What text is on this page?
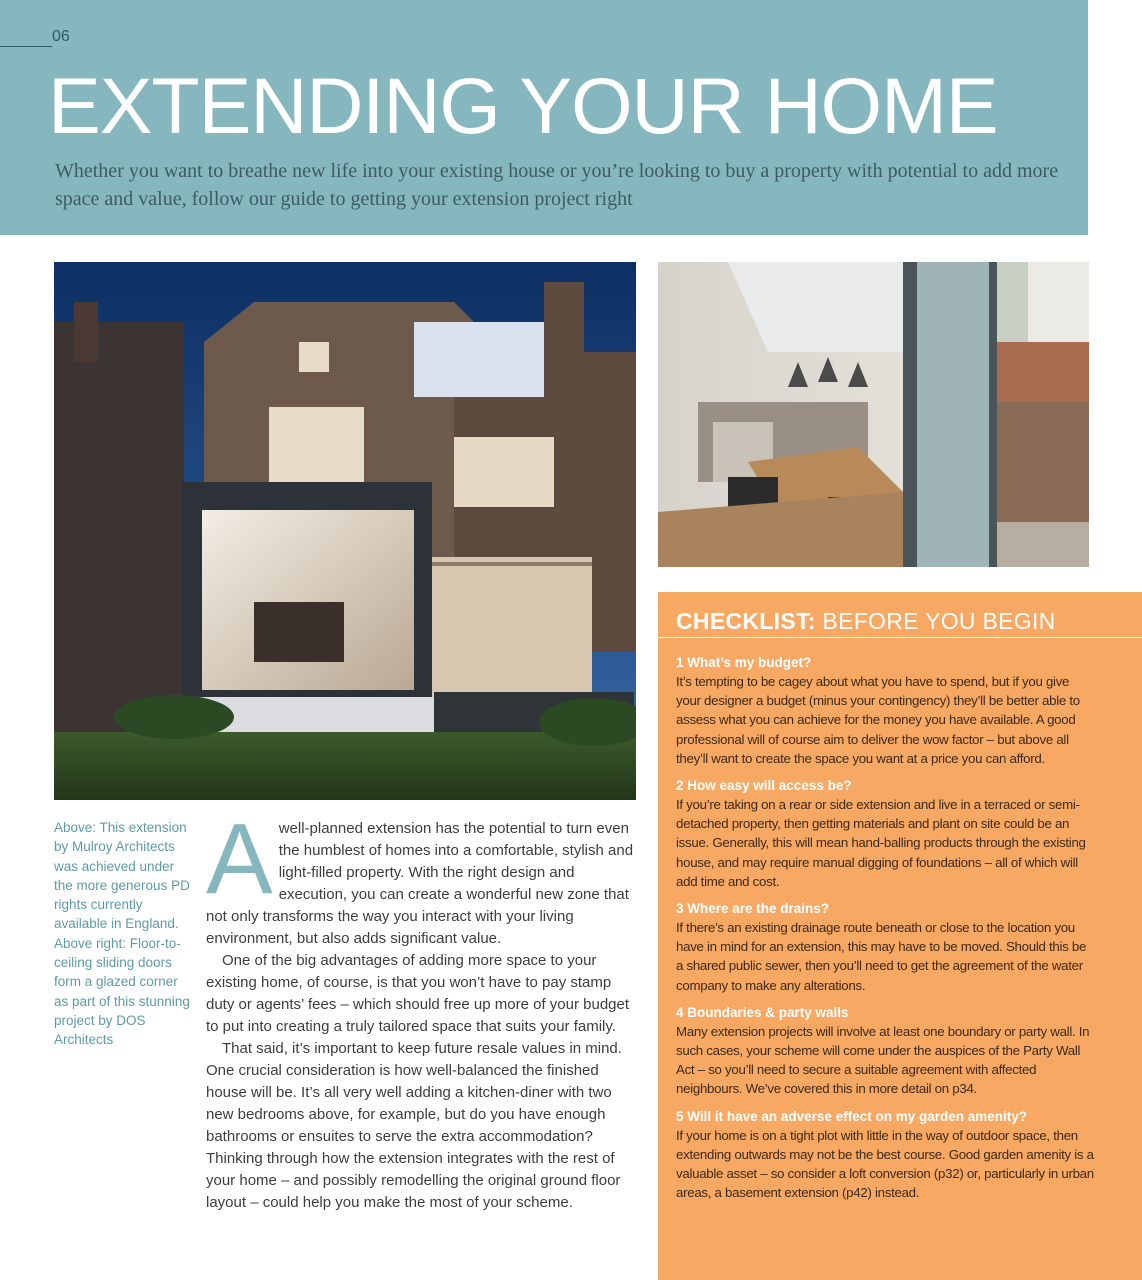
06
EXTENDING YOUR HOME

Whether you want to breathe new life into your existing house or you’re looking to buy a property with potential to add more space and value, follow our guide to getting your extension project right

Above: This extension by Mulroy Architects was achieved under the more generous PD rights currently available in England. Above right: Floor-to-ceiling sliding doors form a glazed corner as part of this stunning project by DOS Architects
A well-planned extension has the potential to turn even the humblest of homes into a comfortable, stylish and light-filled property. With the right design and execution, you can create a wonderful new zone that not only transforms the way you interact with your living environment, but also adds significant value.

One of the big advantages of adding more space to your existing home, of course, is that you won’t have to pay stamp duty or agents’ fees – which should free up more of your budget to put into creating a truly tailored space that suits your family.

That said, it’s important to keep future resale values in mind. One crucial consideration is how well-balanced the finished house will be. It’s all very well adding a kitchen-diner with two new bedrooms above, for example, but do you have enough bathrooms or ensuites to serve the extra accommodation? Thinking through how the extension integrates with the rest of your home – and possibly remodelling the original ground floor layout – could help you make the most of your scheme.

CHECKLIST: BEFORE YOU BEGIN
1 What’s my budget?
It’s tempting to be cagey about what you have to spend, but if you give your designer a budget (minus your contingency) they’ll be better able to assess what you can achieve for the money you have available. A good professional will of course aim to deliver the wow factor – but above all they’ll want to create the space you want at a price you can afford.
2 How easy will access be?
If you’re taking on a rear or side extension and live in a terraced or semi-detached property, then getting materials and plant on site could be an issue. Generally, this will mean hand-balling products through the existing house, and may require manual digging of foundations – all of which will add time and cost.
3 Where are the drains?
If there’s an existing drainage route beneath or close to the location you have in mind for an extension, this may have to be moved. Should this be a shared public sewer, then you’ll need to get the agreement of the water company to make any alterations.
4 Boundaries & party walls
Many extension projects will involve at least one boundary or party wall. In such cases, your scheme will come under the auspices of the Party Wall Act – so you’ll need to secure a suitable agreement with affected neighbours. We’ve covered this in more detail on p34.
5 Will it have an adverse effect on my garden amenity?
If your home is on a tight plot with little in the way of outdoor space, then extending outwards may not be the best course. Good garden amenity is a valuable asset – so consider a loft conversion (p32) or, particularly in urban areas, a basement extension (p42) instead.
